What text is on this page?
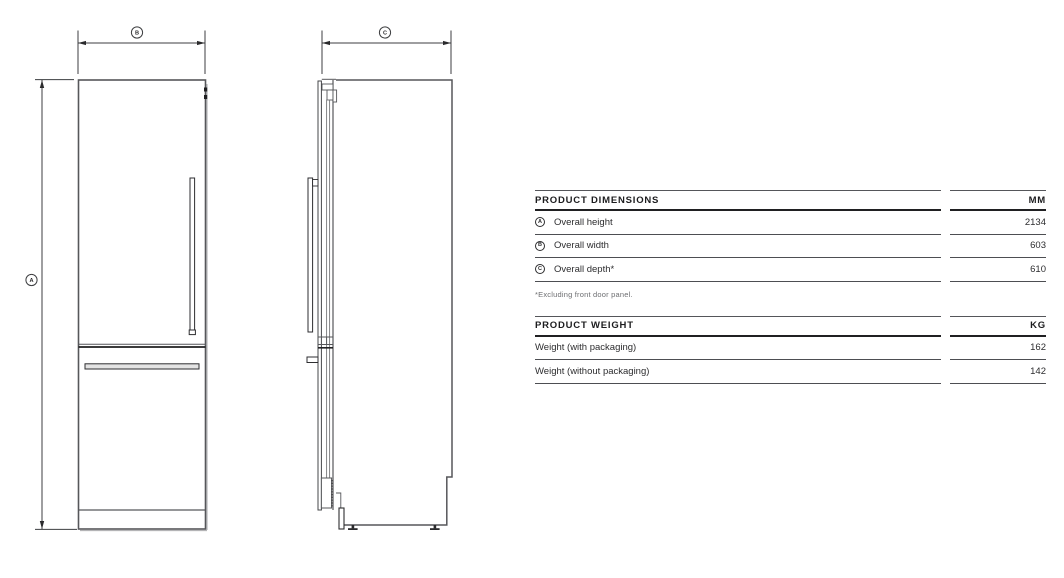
A
B	C
PRODUCT DIMENSIONS	MM
A	Overall height	2134
B	Overall width	603
C	Overall depth*	610
*Excluding front door panel.
PRODUCT WEIGHT	KG
Weight (with packaging)	162
Weight (without packaging)	142
